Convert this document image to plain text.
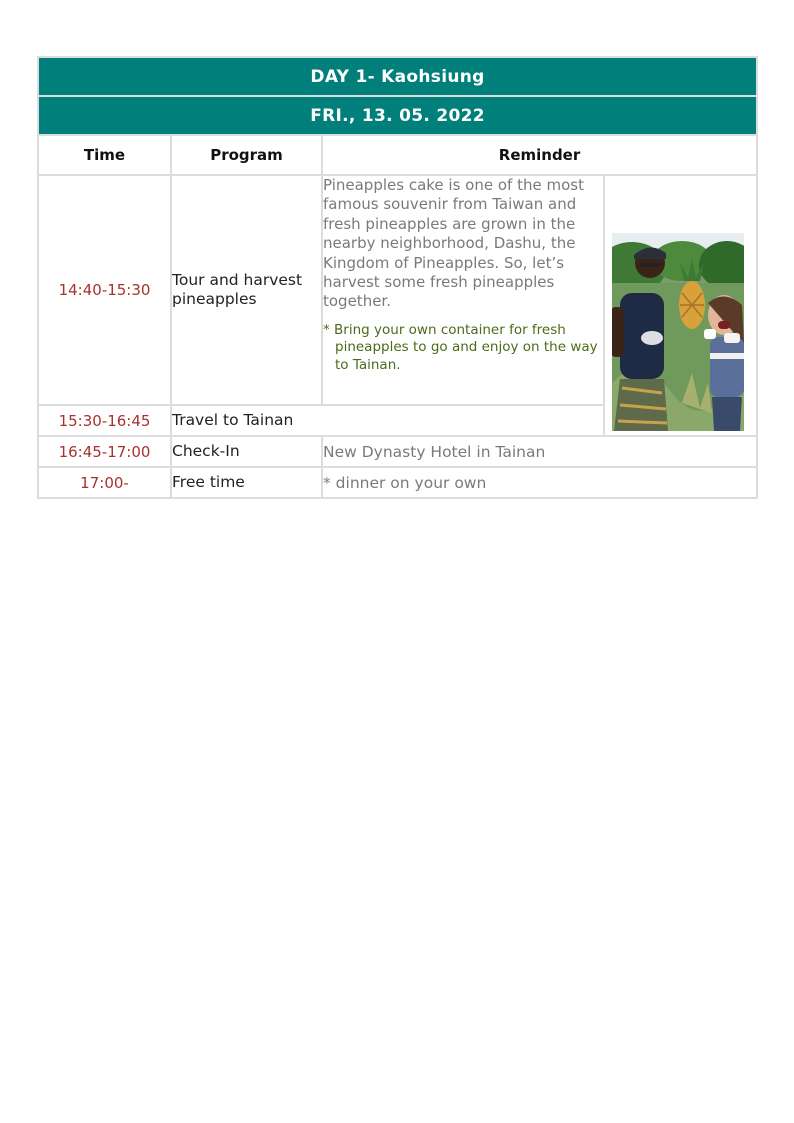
DAY 1- Kaohsiung			
FRI., 13. 05. 2022			
Time	Program	Reminder	
14:40-15:30	Tour and harvest pineapples	Pineapples cake is one of the most famous souvenir from Taiwan and fresh pineapples are grown in the nearby neighborhood, Dashu, the Kingdom of Pineapples. So, let’s harvest some fresh pineapples together.
* Bring your own container for fresh pineapples to go and enjoy on the way to Tainan.

15:30-16:45	Travel to Tainan		
16:45-17:00	Check-In	New Dynasty Hotel in Tainan	
17:00-	Free time	* dinner on your own	
